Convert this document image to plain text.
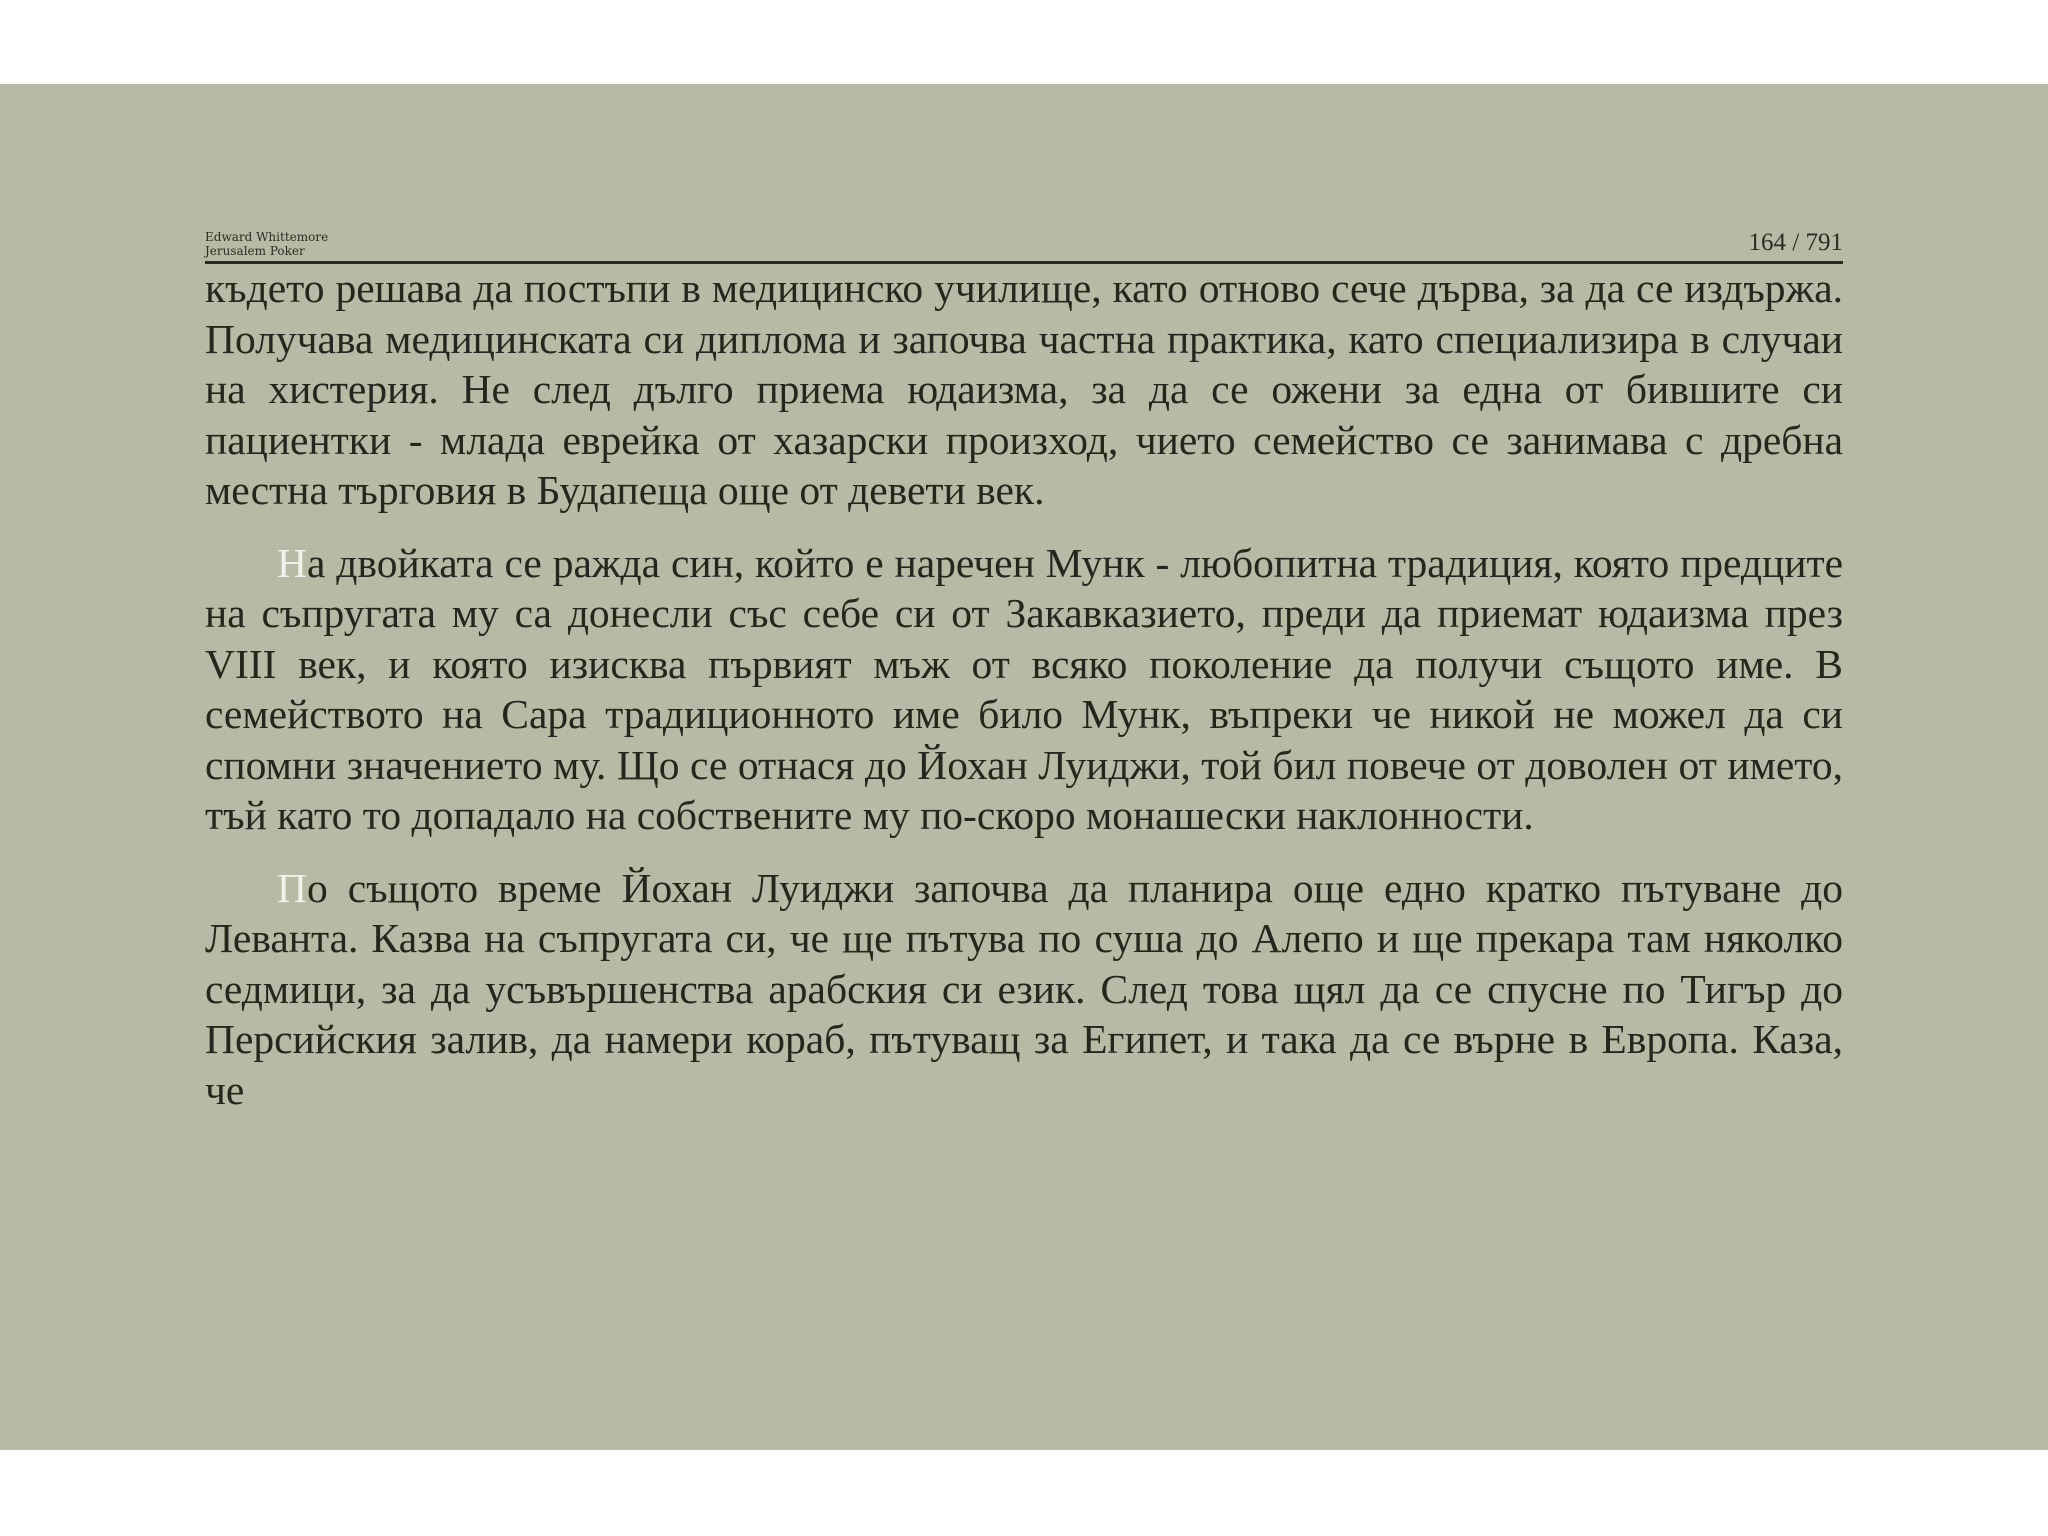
Edward Whittemore
Jerusalem Poker	164 / 791

където решава да постъпи в медицинско училище, като отново сече дърва, за да се издържа. Получава медицинската си диплома и започва частна практика, като специализира в случаи на хистерия. Не след дълго приема юдаизма, за да се ожени за една от бившите си пациентки - млада еврейка от хазарски произход, чието семейство се занимава с дребна местна търговия в Будапеща още от девети век.

На двойката се ражда син, който е наречен Мунк - любопитна традиция, която предците на съпругата му са донесли със себе си от Закавказието, преди да приемат юдаизма през VIII век, и която изисква първият мъж от всяко поколение да получи същото име. В семейството на Сара традиционното име било Мунк, въпреки че никой не можел да си спомни значението му. Що се отнася до Йохан Луиджи, той бил повече от доволен от името, тъй като то допадало на собствените му по-скоро монашески наклонности.

По същото време Йохан Луиджи започва да планира още едно кратко пътуване до Леванта. Казва на съпругата си, че ще пътува по суша до Алепо и ще прекара там няколко седмици, за да усъвършенства арабския си език. След това щял да се спусне по Тигър до Персийския залив, да намери кораб, пътуващ за Египет, и така да се върне в Европа. Каза, че
